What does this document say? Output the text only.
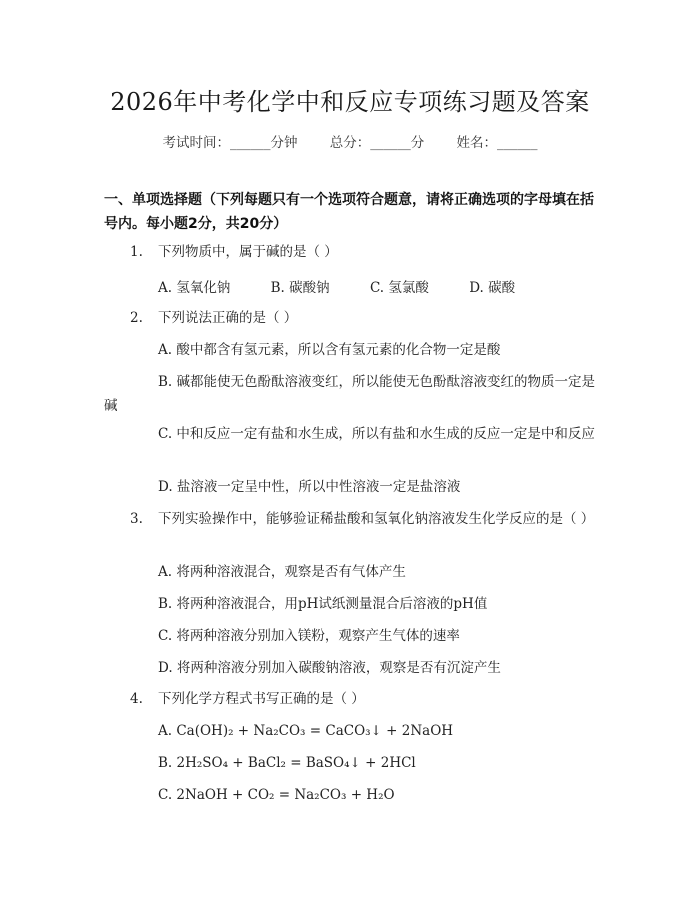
2026年中考化学中和反应专项练习题及答案
考试时间：______分钟 总分：______分 姓名：______
一、单项选择题（下列每题只有一个选项符合题意，请将正确选项的字母填在括号内。每小题2分，共20分）
1. 下列物质中，属于碱的是（ ）
A. 氢氧化钠	B. 碳酸钠	C. 氢氯酸	D. 碳酸
2. 下列说法正确的是（ ）
A. 酸中都含有氢元素，所以含有氢元素的化合物一定是酸
B. 碱都能使无色酚酞溶液变红，所以能使无色酚酞溶液变红的物质一定是碱
C. 中和反应一定有盐和水生成，所以有盐和水生成的反应一定是中和反应
D. 盐溶液一定呈中性，所以中性溶液一定是盐溶液
3. 下列实验操作中，能够验证稀盐酸和氢氧化钠溶液发生化学反应的是（ ）
A. 将两种溶液混合，观察是否有气体产生
B. 将两种溶液混合，用pH试纸测量混合后溶液的pH值
C. 将两种溶液分别加入镁粉，观察产生气体的速率
D. 将两种溶液分别加入碳酸钠溶液，观察是否有沉淀产生
4. 下列化学方程式书写正确的是（ ）
A. Ca(OH)₂ + Na₂CO₃ = CaCO₃↓ + 2NaOH
B. 2H₂SO₄ + BaCl₂ = BaSO₄↓ + 2HCl
C. 2NaOH + CO₂ = Na₂CO₃ + H₂O
